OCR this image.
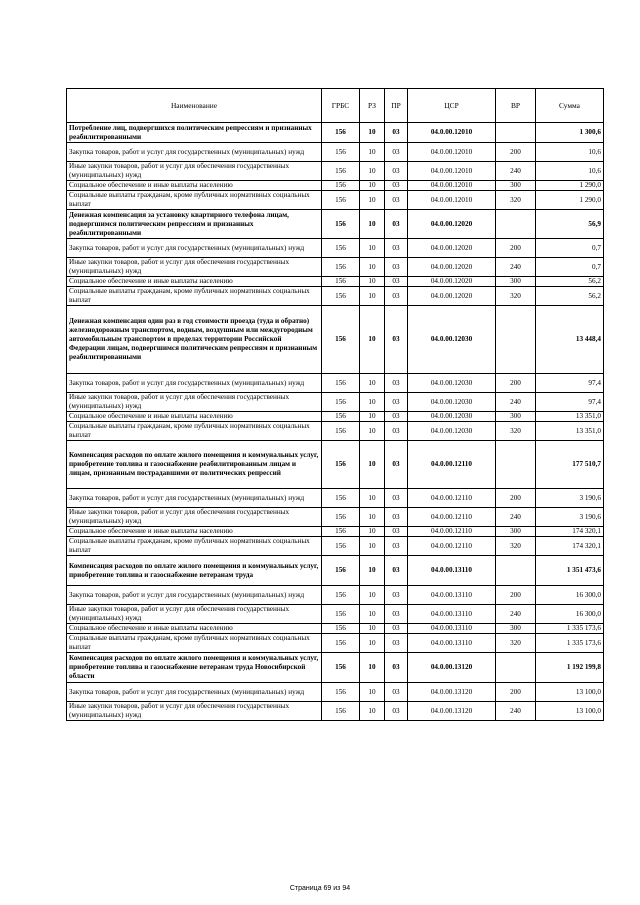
Наименование	ГРБС	РЗ	ПР	ЦСР	ВР	Сумма
Потребление лиц, подвергшихся политическим репрессиям и признанных реабилитированными	156	10	03	04.0.00.12010		1 300,6
Закупка товаров, работ и услуг для государственных (муниципальных) нужд	156	10	03	04.0.00.12010	200	10,6
Иные закупки товаров, работ и услуг для обеспечения государственных (муниципальных) нужд	156	10	03	04.0.00.12010	240	10,6
Социальное обеспечение и иные выплаты населению	156	10	03	04.0.00.12010	300	1 290,0
Социальные выплаты гражданам, кроме публичных нормативных социальных выплат	156	10	03	04.0.00.12010	320	1 290,0
Денежная компенсация за установку квартирного телефона лицам, подвергшимся политическим репрессиям и признанных реабилитированными	156	10	03	04.0.00.12020		56,9
Закупка товаров, работ и услуг для государственных (муниципальных) нужд	156	10	03	04.0.00.12020	200	0,7
Иные закупки товаров, работ и услуг для обеспечения государственных (муниципальных) нужд	156	10	03	04.0.00.12020	240	0,7
Социальное обеспечение и иные выплаты населению	156	10	03	04.0.00.12020	300	56,2
Социальные выплаты гражданам, кроме публичных нормативных социальных выплат	156	10	03	04.0.00.12020	320	56,2
Денежная компенсация один раз в год стоимости проезда (туда и обратно) железнодорожным транспортом, водным, воздушным или междугородным автомобильным транспортом в пределах территории Российской Федерации лицам, подвергшимся политическим репрессиям и признанным реабилитированными	156	10	03	04.0.00.12030		13 448,4
Закупка товаров, работ и услуг для государственных (муниципальных) нужд	156	10	03	04.0.00.12030	200	97,4
Иные закупки товаров, работ и услуг для обеспечения государственных (муниципальных) нужд	156	10	03	04.0.00.12030	240	97,4
Социальное обеспечение и иные выплаты населению	156	10	03	04.0.00.12030	300	13 351,0
Социальные выплаты гражданам, кроме публичных нормативных социальных выплат	156	10	03	04.0.00.12030	320	13 351,0
Компенсация расходов по оплате жилого помещения и коммунальных услуг, приобретение топлива и газоснабжение реабилитированным лицам и лицам, признанным пострадавшими от политических репрессий	156	10	03	04.0.00.12110		177 510,7
Закупка товаров, работ и услуг для государственных (муниципальных) нужд	156	10	03	04.0.00.12110	200	3 190,6
Иные закупки товаров, работ и услуг для обеспечения государственных (муниципальных) нужд	156	10	03	04.0.00.12110	240	3 190,6
Социальное обеспечение и иные выплаты населению	156	10	03	04.0.00.12110	300	174 320,1
Социальные выплаты гражданам, кроме публичных нормативных социальных выплат	156	10	03	04.0.00.12110	320	174 320,1
Компенсация расходов по оплате жилого помещения и коммунальных услуг, приобретение топлива и газоснабжение ветеранам труда	156	10	03	04.0.00.13110		1 351 473,6
Закупка товаров, работ и услуг для государственных (муниципальных) нужд	156	10	03	04.0.00.13110	200	16 300,0
Иные закупки товаров, работ и услуг для обеспечения государственных (муниципальных) нужд	156	10	03	04.0.00.13110	240	16 300,0
Социальное обеспечение и иные выплаты населению	156	10	03	04.0.00.13110	300	1 335 173,6
Социальные выплаты гражданам, кроме публичных нормативных социальных выплат	156	10	03	04.0.00.13110	320	1 335 173,6
Компенсация расходов по оплате жилого помещения и коммунальных услуг, приобретение топлива и газоснабжение ветеранам труда Новосибирской области	156	10	03	04.0.00.13120		1 192 199,8
Закупка товаров, работ и услуг для государственных (муниципальных) нужд	156	10	03	04.0.00.13120	200	13 100,0
Иные закупки товаров, работ и услуг для обеспечения государственных (муниципальных) нужд	156	10	03	04.0.00.13120	240	13 100,0
Страница 69 из 94
